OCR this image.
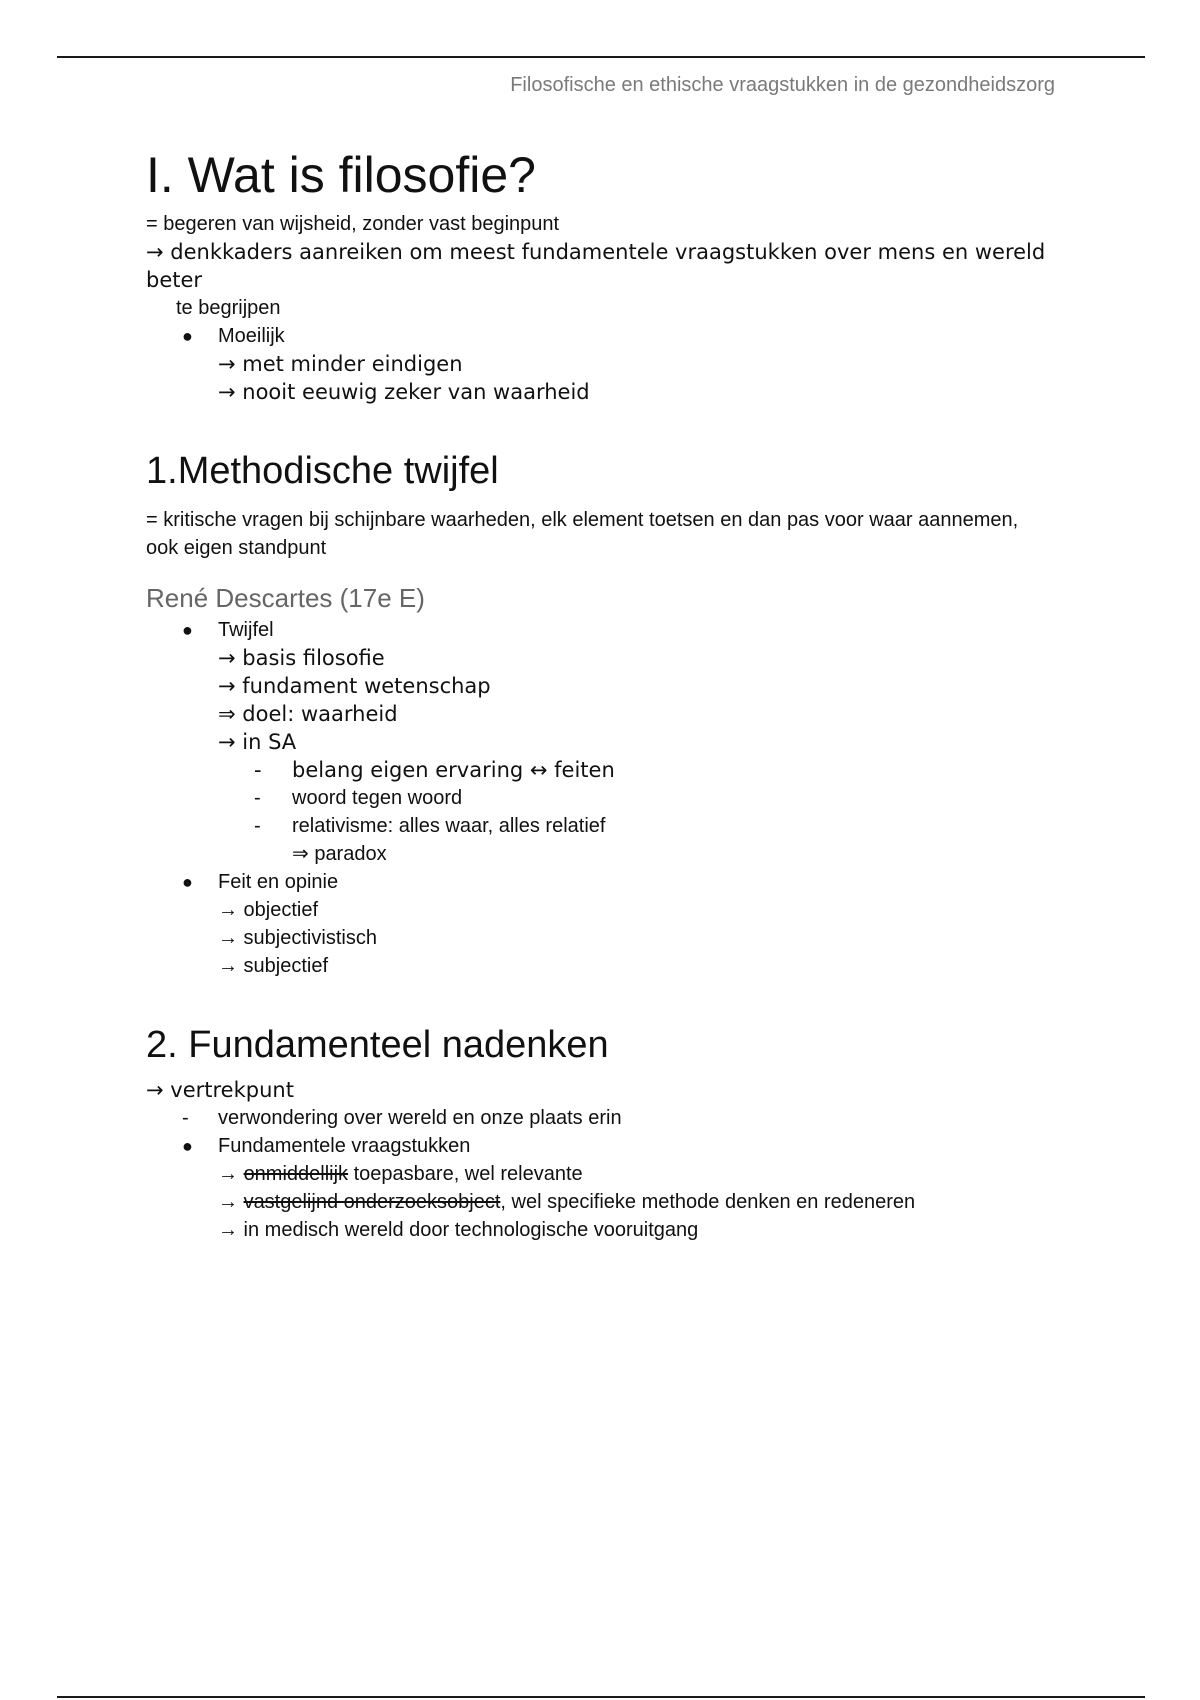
Filosofische en ethische vraagstukken in de gezondheidszorg
I. Wat is filosofie?
= begeren van wijsheid, zonder vast beginpunt
→ denkkaders aanreiken om meest fundamentele vraagstukken over mens en wereld beter
te begrijpen
● Moeilijk
→ met minder eindigen
→ nooit eeuwig zeker van waarheid
1.Methodische twijfel
= kritische vragen bij schijnbare waarheden, elk element toetsen en dan pas voor waar aannemen, ook eigen standpunt
René Descartes (17e E)
● Twijfel
→ basis filosofie
→ fundament wetenschap
⇒ doel: waarheid
→ in SA
- belang eigen ervaring ↔ feiten
- woord tegen woord
- relativisme: alles waar, alles relatief
⇒ paradox
● Feit en opinie
→ objectief
→ subjectivistisch
→ subjectief
2. Fundamenteel nadenken
→ vertrekpunt
- verwondering over wereld en onze plaats erin
● Fundamentele vraagstukken
→ onmiddellijk toepasbare, wel relevante
→ vastgelijnd onderzoeksobject, wel specifieke methode denken en redeneren
→ in medisch wereld door technologische vooruitgang
